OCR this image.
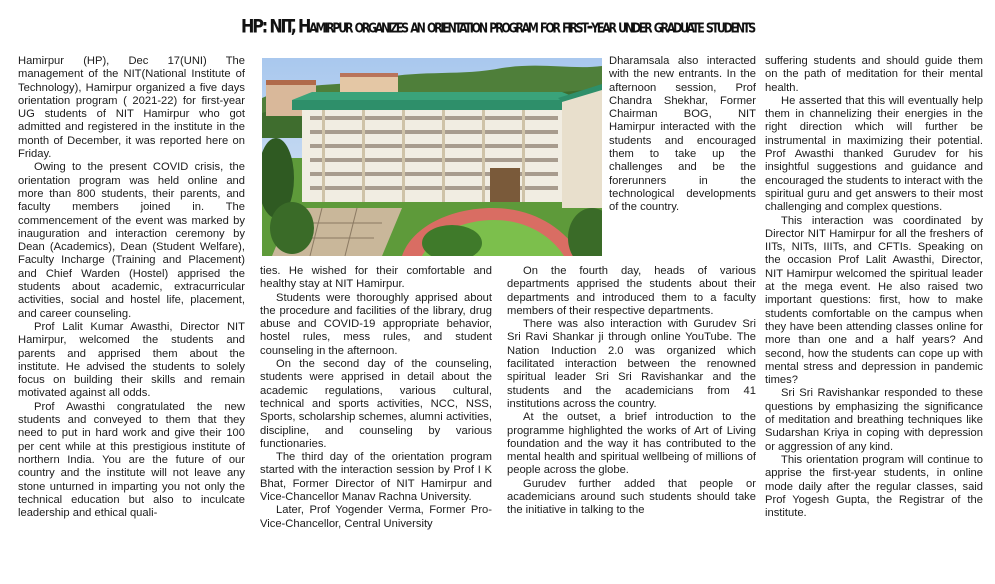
HP: NIT, Hamirpur organizes an orientation program for first-year under graduate students

Hamirpur (HP), Dec 17(UNI) The management of the NIT(National Institute of Technology), Hamirpur organized a five days orientation program ( 2021-22) for first-year UG students of NIT Hamirpur who got admitted and registered in the institute in the month of December, it was reported here on Friday.

Owing to the present COVID crisis, the orientation program was held online and more than 800 students, their parents, and faculty members joined in. The commencement of the event was marked by inauguration and interaction ceremony by Dean (Academics), Dean (Student Welfare), Faculty Incharge (Training and Placement) and Chief Warden (Hostel) apprised the students about academic, extracurricular activities, social and hostel life, placement, and career counseling.

Prof Lalit Kumar Awasthi, Director NIT Hamirpur, welcomed the students and parents and apprised them about the institute. He advised the students to solely focus on building their skills and remain motivated against all odds.

Prof Awasthi congratulated the new students and conveyed to them that they need to put in hard work and give their 100 per cent while at this prestigious institute of northern India. You are the future of our country and the institute will not leave any stone unturned in imparting you not only the technical education but also to inculcate leadership and ethical quali-

ties. He wished for their comfortable and healthy stay at NIT Hamirpur.

Students were thoroughly apprised about the procedure and facilities of the library, drug abuse and COVID-19 appropriate behavior, hostel rules, mess rules, and student counseling in the afternoon.

On the second day of the counseling, students were apprised in detail about the academic regulations, various cultural, technical and sports activities, NCC, NSS, Sports, scholarship schemes, alumni activities, discipline, and counseling by various functionaries.

The third day of the orientation program started with the interaction session by Prof I K Bhat, Former Director of NIT Hamirpur and Vice-Chancellor Manav Rachna University.

Later, Prof Yogender Verma, Former Pro-Vice-Chancellor, Central University

Dharamsala also interacted with the new entrants. In the afternoon session, Prof Chandra Shekhar, Former Chairman BOG, NIT Hamirpur interacted with the students and encouraged them to take up the challenges and be the forerunners in the technological developments of the country.

On the fourth day, heads of various departments apprised the students about their departments and introduced them to a faculty members of their respective departments.

There was also interaction with Gurudev Sri Sri Ravi Shankar ji through online YouTube. The Nation Induction 2.0 was organized which facilitated interaction between the renowned spiritual leader Sri Sri Ravishankar and the students and the academicians from 41 institutions across the country.

At the outset, a brief introduction to the programme highlighted the works of Art of Living foundation and the way it has contributed to the mental health and spiritual wellbeing of millions of people across the globe.

Gurudev further added that people or academicians around such students should take the initiative in talking to the

suffering students and should guide them on the path of meditation for their mental health.

He asserted that this will eventually help them in channelizing their energies in the right direction which will further be instrumental in maximizing their potential. Prof Awasthi thanked Gurudev for his insightful suggestions and guidance and encouraged the students to interact with the spiritual guru and get answers to their most challenging and complex questions.

This interaction was coordinated by Director NIT Hamirpur for all the freshers of IITs, NITs, IIITs, and CFTIs. Speaking on the occasion Prof Lalit Awasthi, Director, NIT Hamirpur welcomed the spiritual leader at the mega event. He also raised two important questions: first, how to make students comfortable on the campus when they have been attending classes online for more than one and a half years? And second, how the students can cope up with mental stress and depression in pandemic times?

Sri Sri Ravishankar responded to these questions by emphasizing the significance of meditation and breathing techniques like Sudarshan Kriya in coping with depression or aggression of any kind.

This orientation program will continue to apprise the first-year students, in online mode daily after the regular classes, said Prof Yogesh Gupta, the Registrar of the institute.
